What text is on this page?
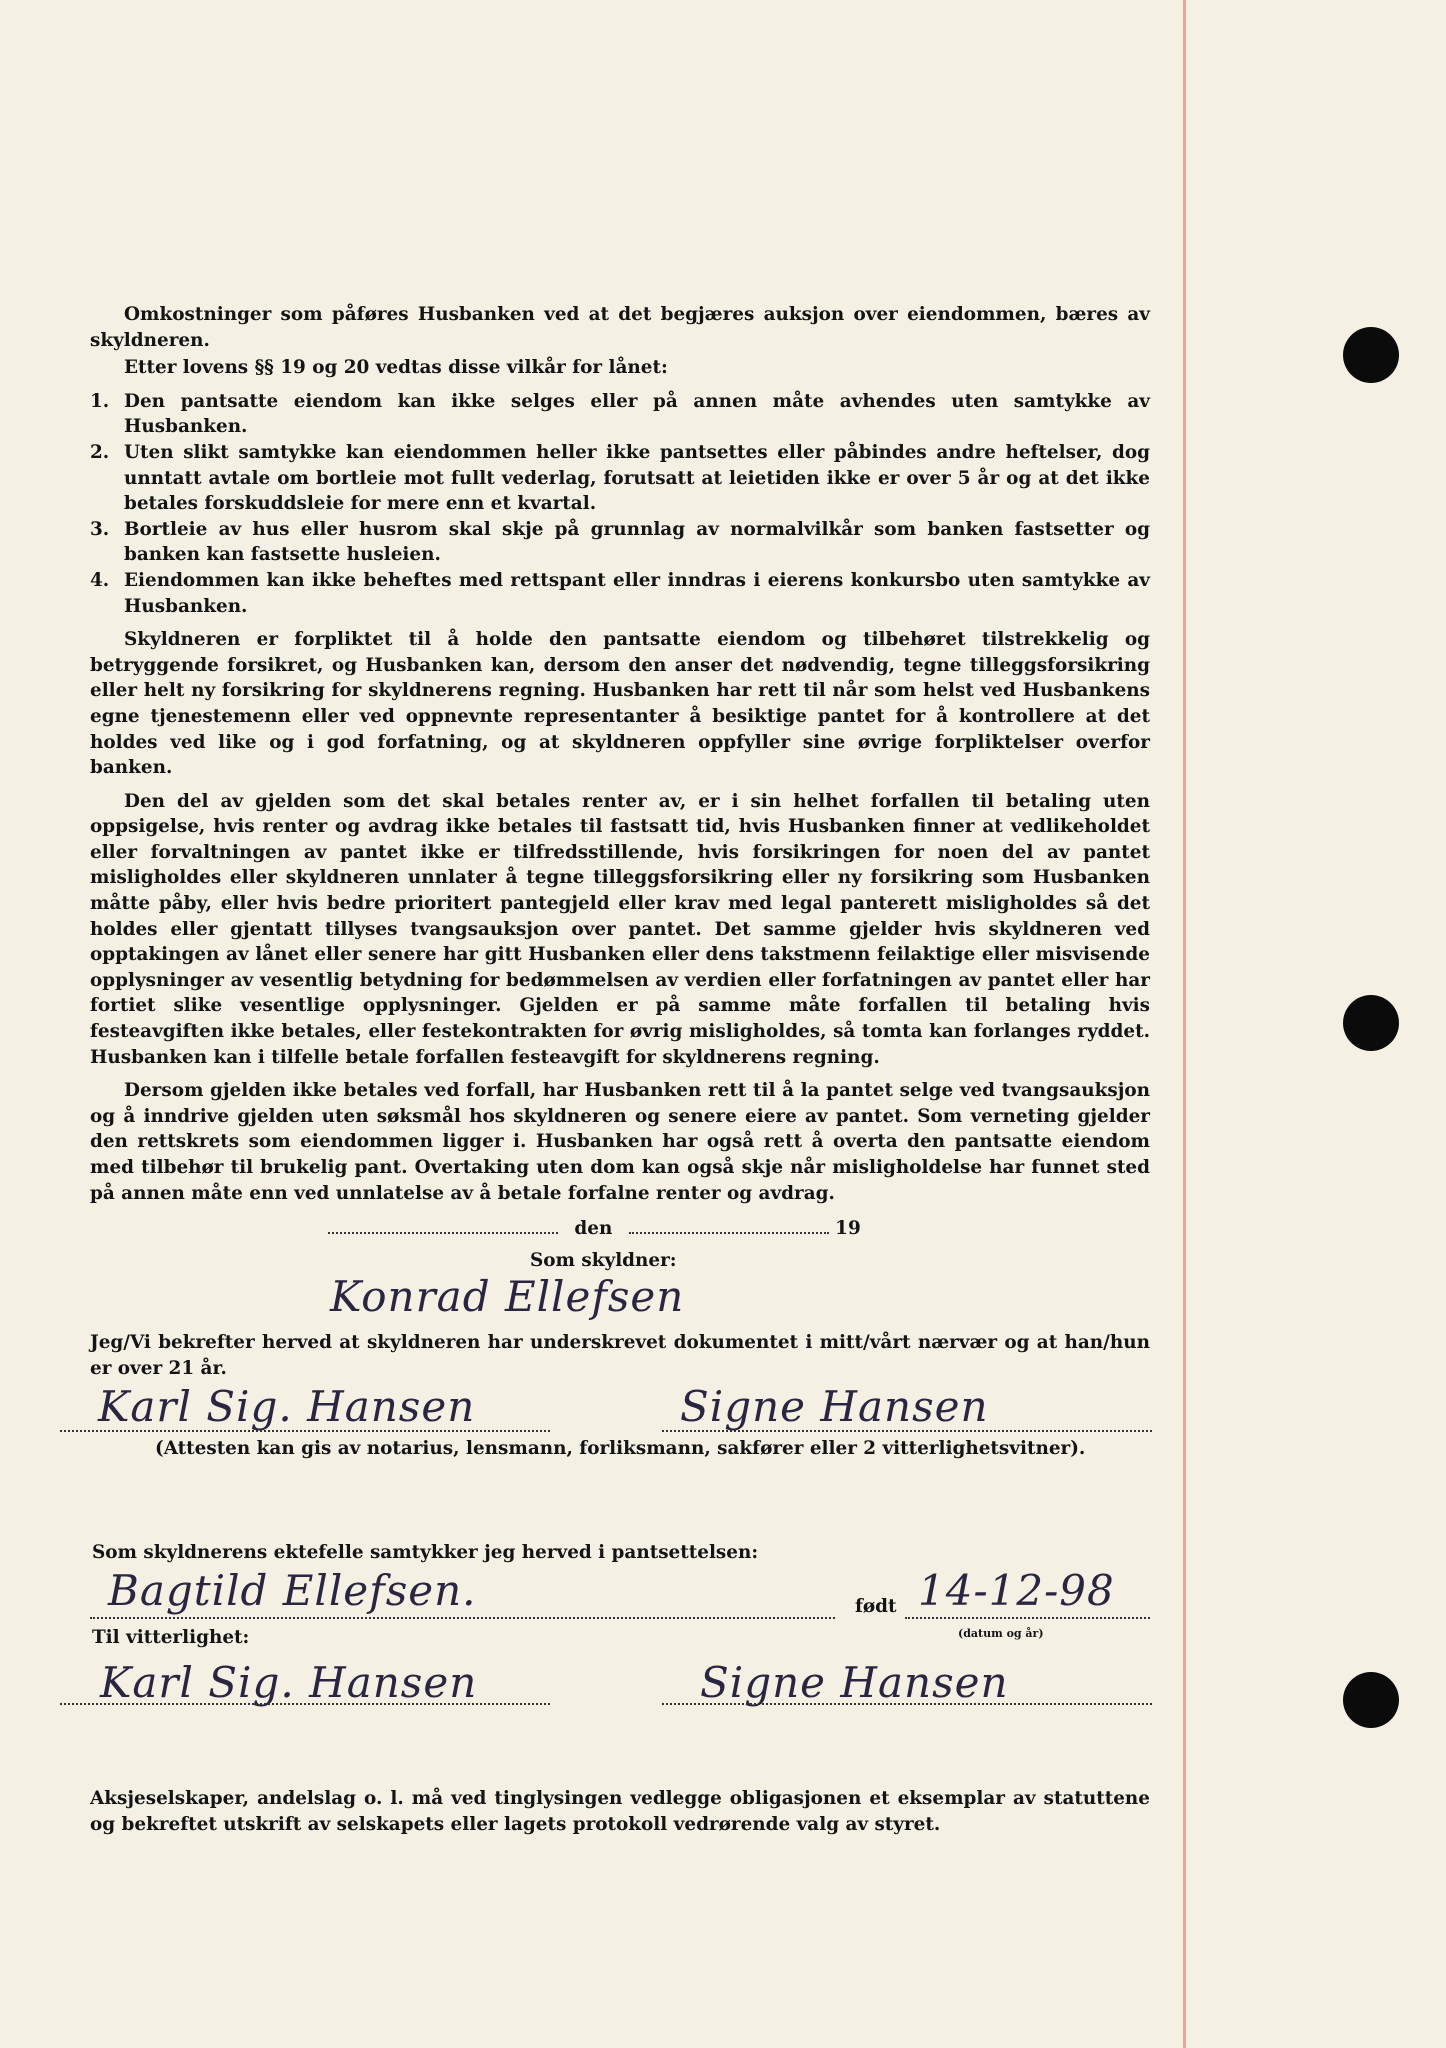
Omkostninger som påføres Husbanken ved at det begjæres auksjon over eiendommen, bæres av skyldneren.

Etter lovens §§ 19 og 20 vedtas disse vilkår for lånet:

1. Den pantsatte eiendom kan ikke selges eller på annen måte avhendes uten samtykke av Husbanken.
2. Uten slikt samtykke kan eiendommen heller ikke pantsettes eller påbindes andre heftelser, dog unntatt avtale om bortleie mot fullt vederlag, forutsatt at leietiden ikke er over 5 år og at det ikke betales forskuddsleie for mere enn et kvartal.
3. Bortleie av hus eller husrom skal skje på grunnlag av normalvilkår som banken fastsetter og banken kan fastsette husleien.
4. Eiendommen kan ikke beheftes med rettspant eller inndras i eierens konkursbo uten samtykke av Husbanken.

Skyldneren er forpliktet til å holde den pantsatte eiendom og tilbehøret tilstrekkelig og betryggende forsikret, og Husbanken kan, dersom den anser det nødvendig, tegne tilleggsforsikring eller helt ny forsikring for skyldnerens regning. Husbanken har rett til når som helst ved Husbankens egne tjenestemenn eller ved oppnevnte representanter å besiktige pantet for å kontrollere at det holdes ved like og i god forfatning, og at skyldneren oppfyller sine øvrige forpliktelser overfor banken.

Den del av gjelden som det skal betales renter av, er i sin helhet forfallen til betaling uten oppsigelse, hvis renter og avdrag ikke betales til fastsatt tid, hvis Husbanken finner at vedlikeholdet eller forvaltningen av pantet ikke er tilfredsstillende, hvis forsikringen for noen del av pantet misligholdes eller skyldneren unnlater å tegne tilleggsforsikring eller ny forsikring som Husbanken måtte påby, eller hvis bedre prioritert pantegjeld eller krav med legal panterett misligholdes så det holdes eller gjentatt tillyses tvangsauksjon over pantet. Det samme gjelder hvis skyldneren ved opptakingen av lånet eller senere har gitt Husbanken eller dens takstmenn feilaktige eller misvisende opplysninger av vesentlig betydning for bedømmelsen av verdien eller forfatningen av pantet eller har fortiet slike vesentlige opplysninger. Gjelden er på samme måte forfallen til betaling hvis festeavgiften ikke betales, eller festekontrakten for øvrig misligholdes, så tomta kan forlanges ryddet. Husbanken kan i tilfelle betale forfallen festeavgift for skyldnerens regning.

Dersom gjelden ikke betales ved forfall, har Husbanken rett til å la pantet selge ved tvangsauksjon og å inndrive gjelden uten søksmål hos skyldneren og senere eiere av pantet. Som verneting gjelder den rettskrets som eiendommen ligger i. Husbanken har også rett å overta den pantsatte eiendom med tilbehør til brukelig pant. Overtaking uten dom kan også skje når misligholdelse har funnet sted på annen måte enn ved unnlatelse av å betale forfalne renter og avdrag.

den	19
Som skyldner:
Konrad Ellefsen

Jeg/Vi bekrefter herved at skyldneren har underskrevet dokumentet i mitt/vårt nærvær og at han/hun er over 21 år.

Karl Sig. Hansen	Signe Hansen
(Attesten kan gis av notarius, lensmann, forliksmann, sakfører eller 2 vitterlighetsvitner).
Som skyldnerens ektefelle samtykker jeg herved i pantsettelsen:
Bagtild Ellefsen.	født 14-12-98
(datum og år)
Til vitterlighet:
Karl Sig. Hansen	Signe Hansen

Aksjeselskaper, andelslag o. l. må ved tinglysingen vedlegge obligasjonen et eksemplar av statuttene og bekreftet utskrift av selskapets eller lagets protokoll vedrørende valg av styret.
